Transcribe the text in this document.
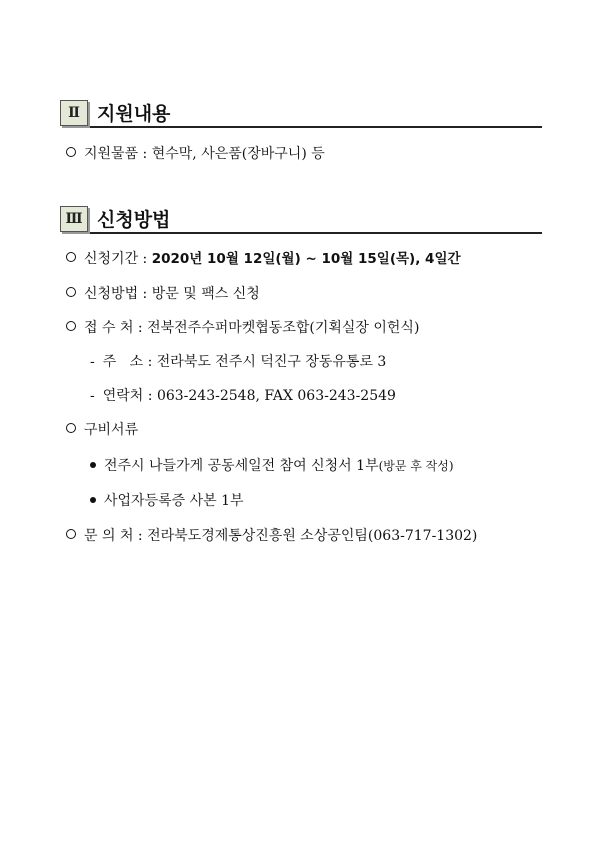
Ⅱ 지원내용
지원물품 : 현수막, 사은품(장바구니) 등
Ⅲ 신청방법
신청기간 : 2020년 10월 12일(월) ~ 10월 15일(목), 4일간
신청방법 : 방문 및 팩스 신청
접 수 처 : 전북전주수퍼마켓협동조합(기획실장 이헌식)
- 주   소 : 전라북도 전주시 덕진구 장동유통로 3
- 연락처 : 063-243-2548, FAX 063-243-2549
구비서류
전주시 나들가게 공동세일전 참여 신청서 1부(방문 후 작성)
사업자등록증 사본 1부
문 의 처 : 전라북도경제통상진흥원 소상공인팀(063-717-1302)
